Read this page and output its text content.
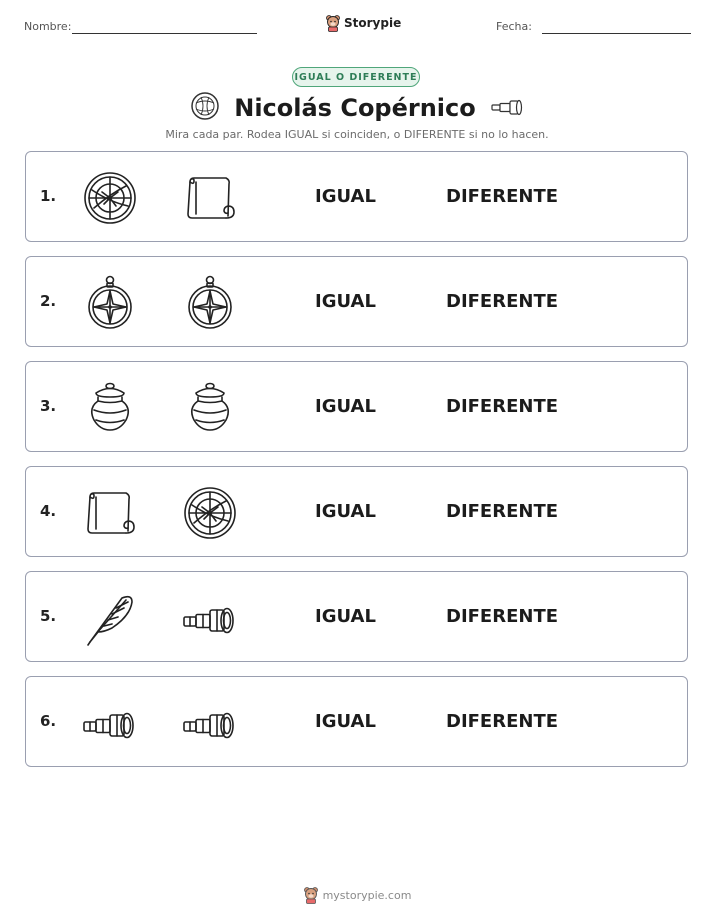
Nombre:	Storypie	Fecha:
IGUAL O DIFERENTE
Nicolás Copérnico
Mira cada par. Rodea IGUAL si coinciden, o DIFERENTE si no lo hacen.
1.	IGUAL	DIFERENTE
2.	IGUAL	DIFERENTE
3.	IGUAL	DIFERENTE
4.	IGUAL	DIFERENTE
5.	IGUAL	DIFERENTE
6.	IGUAL	DIFERENTE
mystorypie.com
